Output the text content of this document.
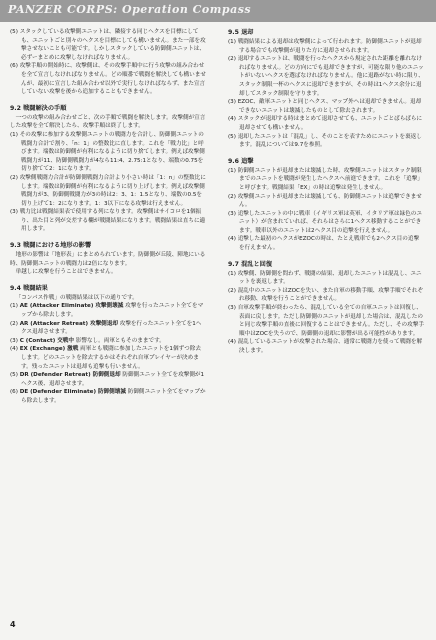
PANZER CORPS: Operation Compass

(5) スタックしている攻撃側ユニットは、隣接する同じヘクスを目標にしても、ユニットごと別々のヘクスを目標にしても構いません。また一部を攻撃させないことも可能です。しかしスタックしている防御側ユニットは、必ずーまとめに攻撃しなければなりません。

(6) 攻撃手順の開始時に、攻撃側は、その攻撃手順中に行う攻撃の組み合わせを全て宣言しなければなりません。どの順番で戦闘を解決しても構いませんが、最初に宣言した組み合わせ以外で実行しなければならず、また宣言していない攻撃を後から追加することもできません。

9.2 戦闘解決の手順

一つの攻撃の組み合わせごと、次の手順で戦闘を解決します。攻撃側が宣言した攻撃を全て解決したら、攻撃手順は終了します。

(1) その攻撃に参加する攻撃側ユニットの戦闘力を合計し、防御側ユニットの戦闘力合計で割り、「n：1」の整数比に直します。これを「戦力比」と呼びます。端数は防御側が有利になるように切り捨てします。例えば攻撃側戦闘力が11、防御側戦闘力が4なら11:4、2.75:1となり、端数の0.75を切り捨てて2：1になります。

(2) 攻撃側戦闘力合計が防御側戦闘力合計より小さい時は「1：n」の整数比にします。端数は防御側が有利になるように切り上げします。例えば攻撃側戦闘力が3、防御側戦闘力が3の時は2：3、1：1.5となり、端数の0.5を切り上げて1：2になります。1：3以下になる攻撃は行えません。

(3) 戦力比は戦闘結果表で使用する列になります。攻撃側はサイコロを1個振り、出た目と列が交差する欄が戦闘結果になります。戦闘結果は直ちに適用します。

9.3 戦闘における地形の影響

地形の影響は「地形表」にまとめられています。防御側が丘陵、陣地にいる時、防御側ユニットの戦闘力は2倍になります。

単越しに攻撃を行うことはできません。

9.4 戦闘結果

「コンパス作戦」の戦闘結果は以下の通りです。

(1) AE (Attacker Eliminate) 攻撃側壊滅 攻撃を行ったユニット全てをマップから除去します。

(2) AR (Attacker Retreat) 攻撃側退却 攻撃を行ったユニット全てを1ヘクス退却させます。

(3) C (Contact) 交戦中 影響なし。両軍ともそのままです。

(4) EX (Exchange) 激戦 両軍とも戦闘に参加したユニットを1個ずつ除去します。どのユニットを除去するかはそれぞれ自軍プレイヤーが決めます。残ったユニットは退却も追撃も行いません。

(5) DR (Defender Retreat) 防御側退却 防御側ユニット全てを攻撃側が1ヘクス後、退却させます。

(6) DE (Defender Eliminate) 防御側壊滅 防御側ユニット全てをマップから除去します。

9.5 退却

(1) 戦闘結果による退却は攻撃側によって行われます。防御側ユニットが退却する場合でも攻撃側が退りた方に退却させられます。

(2) 退却するユニットは、戦闘を行ったヘクスから規定された距離を離れなければなりません。どの方向にでも退却できますが、可能な限り他のユニットがいないヘクスを選ばなければなりません。他に退路がない時に限り、スタック制限一杯のヘクスに退却できますが、その時は1ヘクス余分に退却してスタック制限を守ります。

(3) EZOC、敵軍ユニットと同じヘクス、マップ外へは退却できません。退却できないユニットは壊滅したものとして除去されます。

(4) スタックが退却する時はまとめて退却させても、ユニットごとばらばらに退却させても構いません。

(5) 退却したユニットは「混乱」し、そのことを表すためにユニットを裏返します。混乱については9.7を参照。

9.6 追撃

(1) 防御側ユニットが退却または壊滅した時、攻撃側ユニットはスタック制限までのユニットを戦闘が発生したヘクスへ前進できます。これを「追撃」と呼びます。戦闘結果「EX」の時は追撃は発生しません。

(2) 攻撃側ユニットが退却または壊滅しても、防御側ユニットは追撃できません。

(3) 追撃したユニットの中に戦車（イギリス軍は英軍、イタリア軍は緑色のユニット）が含まれていれば、それらはさらに1ヘクス移動することができます。戦車以外のユニットは2ヘクス目の追撃を行えません。

(4) 追撃した最初のヘクスがEZOCの時は、たとえ戦車でも2ヘクス目の追撃を行えません。

9.7 混乱と回復

(1) 攻撃側、防御側を問わず、戦闘の結果、退却したユニットは混乱し、ユニットを裏返します。

(2) 混乱中のユニットはZOCを失い、また自軍の移動手順、攻撃手順でそれぞれ移動、攻撃を行うことができません。

(3) 自軍攻撃手順が終わったら、混乱している全ての自軍ユニットは回復し、表面に戻します。ただし防御側のユニットが退却した場合は、混乱したのと同じ攻撃手順の直後に回復することはできません。ただし、その攻撃手順中はZOCを失うので、防御側の退却に影響が出る可能性があります。

(4) 混乱しているユニットが攻撃された場合、通常に戦闘力を使って戦闘を解決します。

4
